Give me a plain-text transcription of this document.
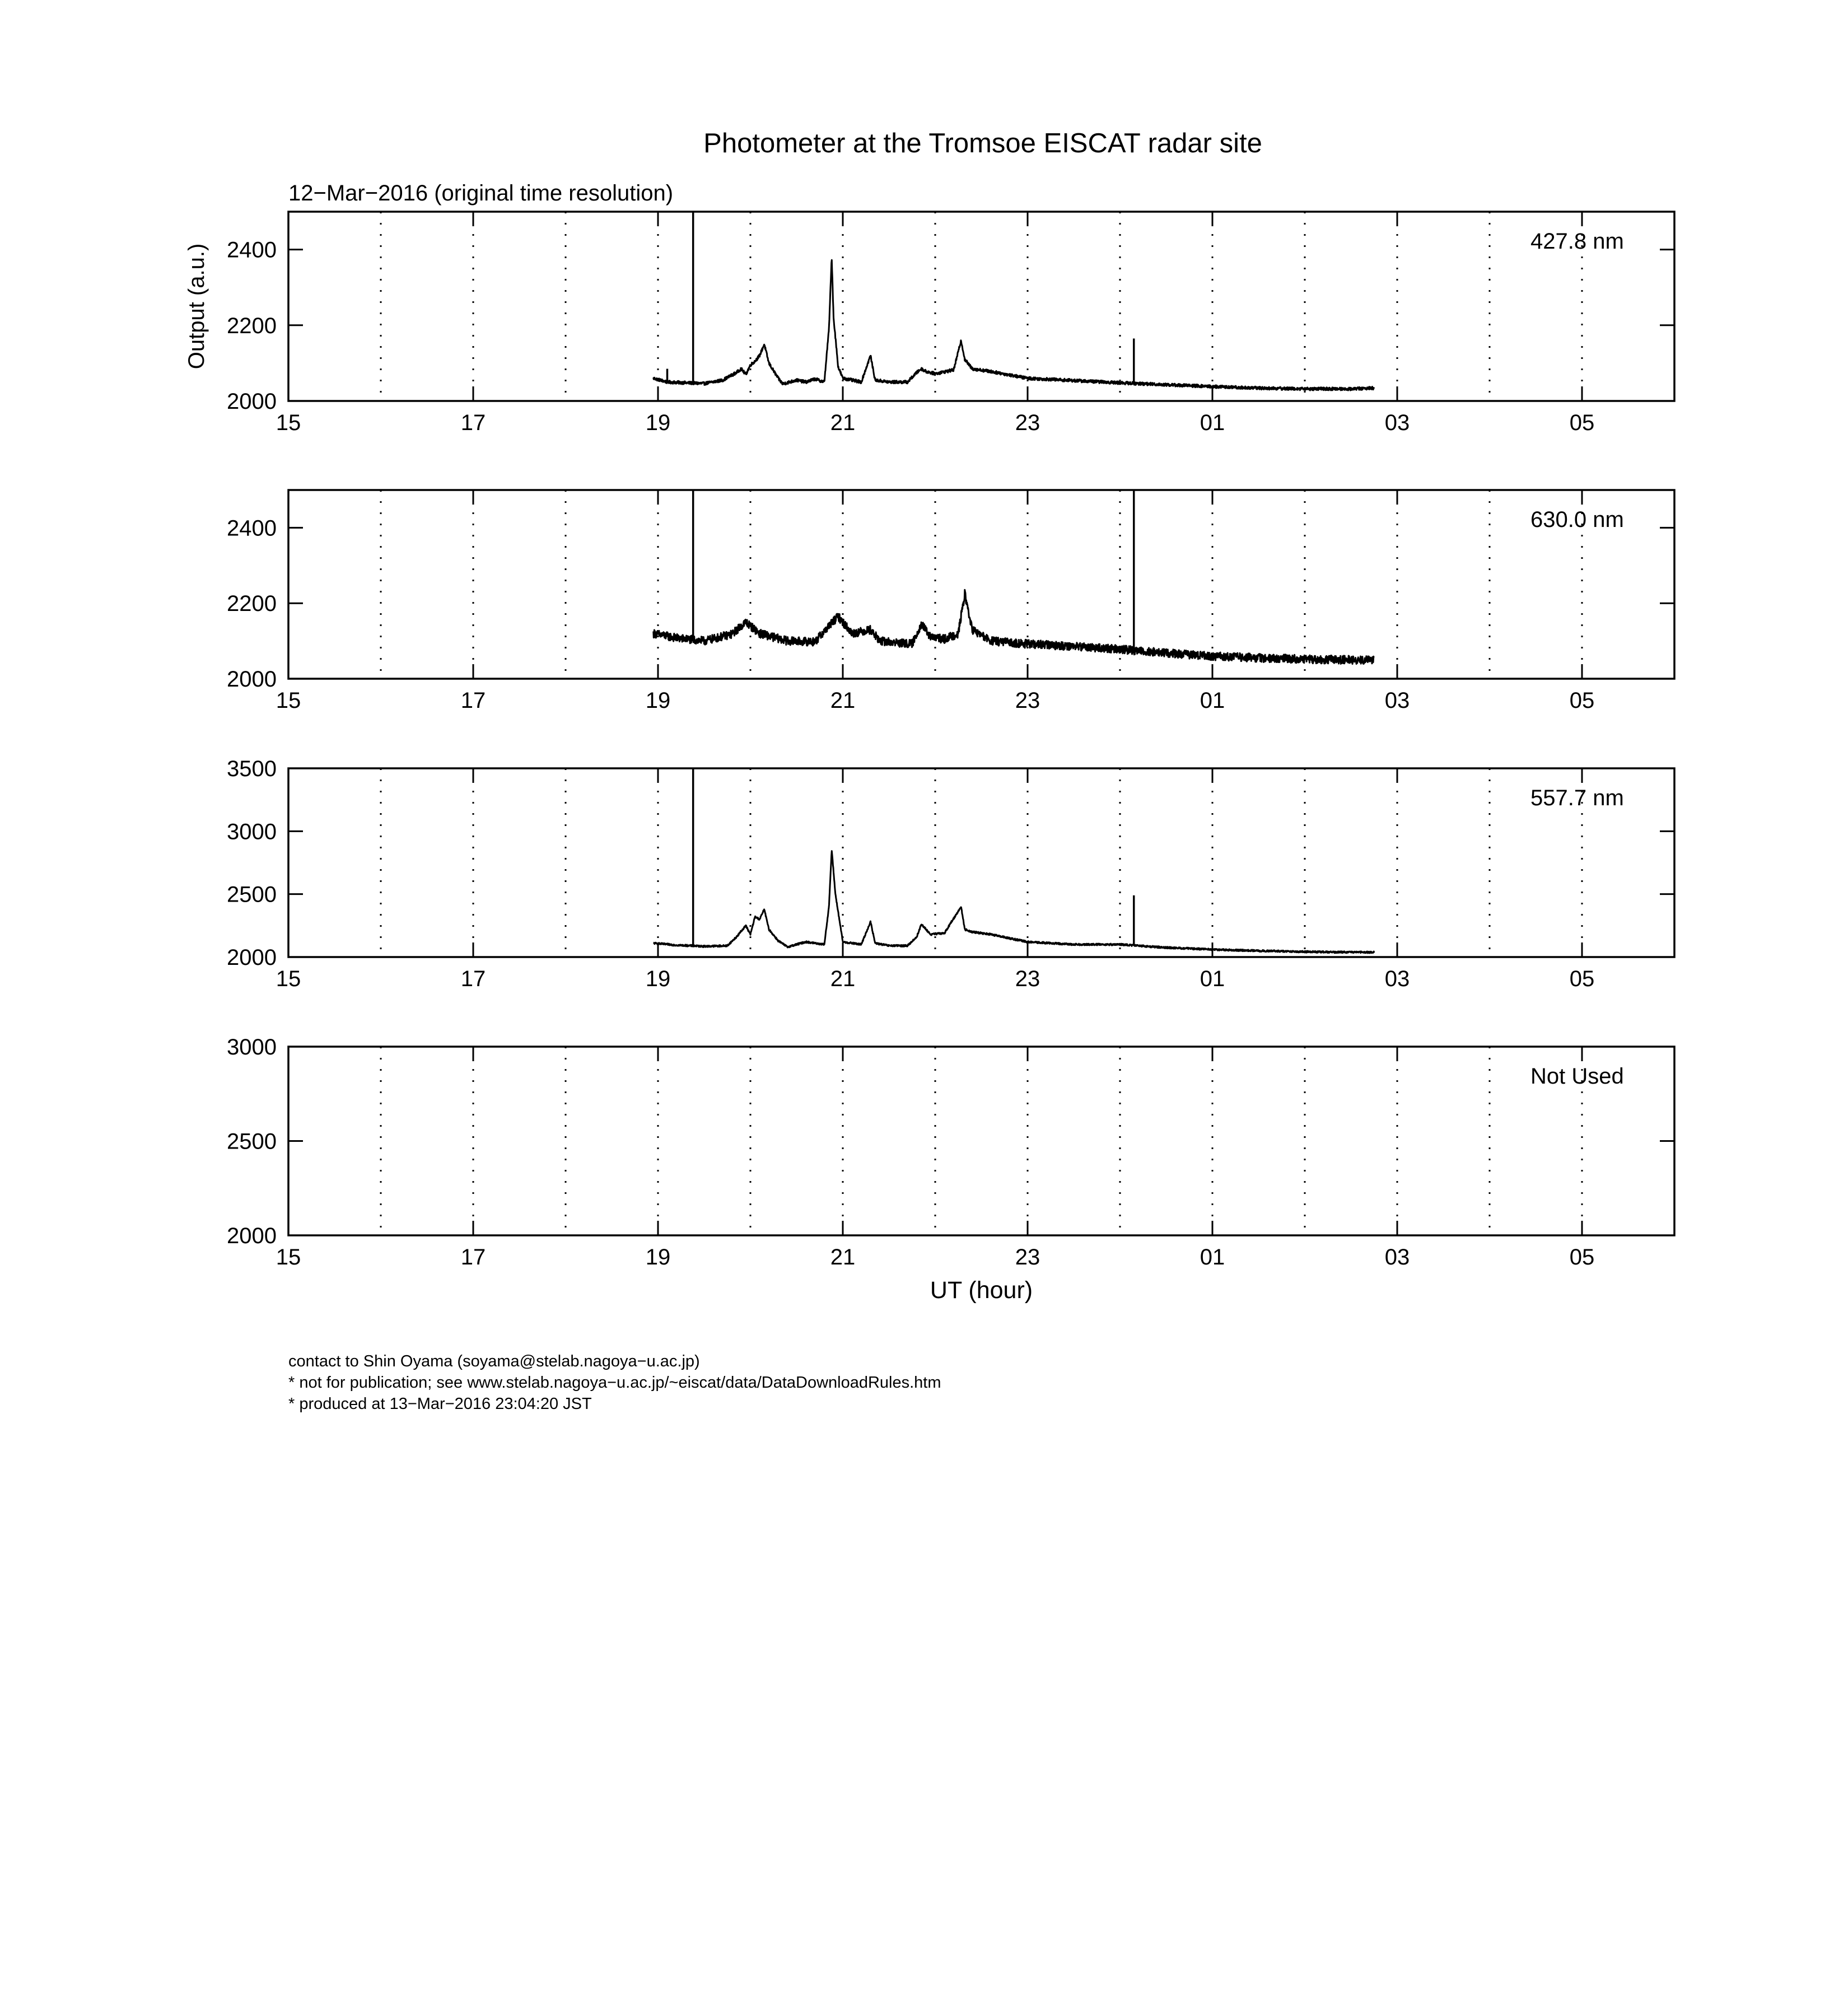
Photometer at the Tromsoe EISCAT radar site
12−Mar−2016 (original time resolution)
15	17	19	21	23	01	03	05
2000
2200
2400	427.8 nm
Output (a.u.)
15	17	19	21	23	01	03	05
2000
2200
2400	630.0 nm
15	17	19	21	23	01	03	05
2000
2500
3000
3500
557.7 nm
15	17	19	21	23	01	03	05
2000
2500
3000
Not Used
UT (hour)
contact to Shin Oyama (soyama@stelab.nagoya−u.ac.jp)
* not for publication; see www.stelab.nagoya−u.ac.jp/~eiscat/data/DataDownloadRules.htm
* produced at 13−Mar−2016 23:04:20 JST
